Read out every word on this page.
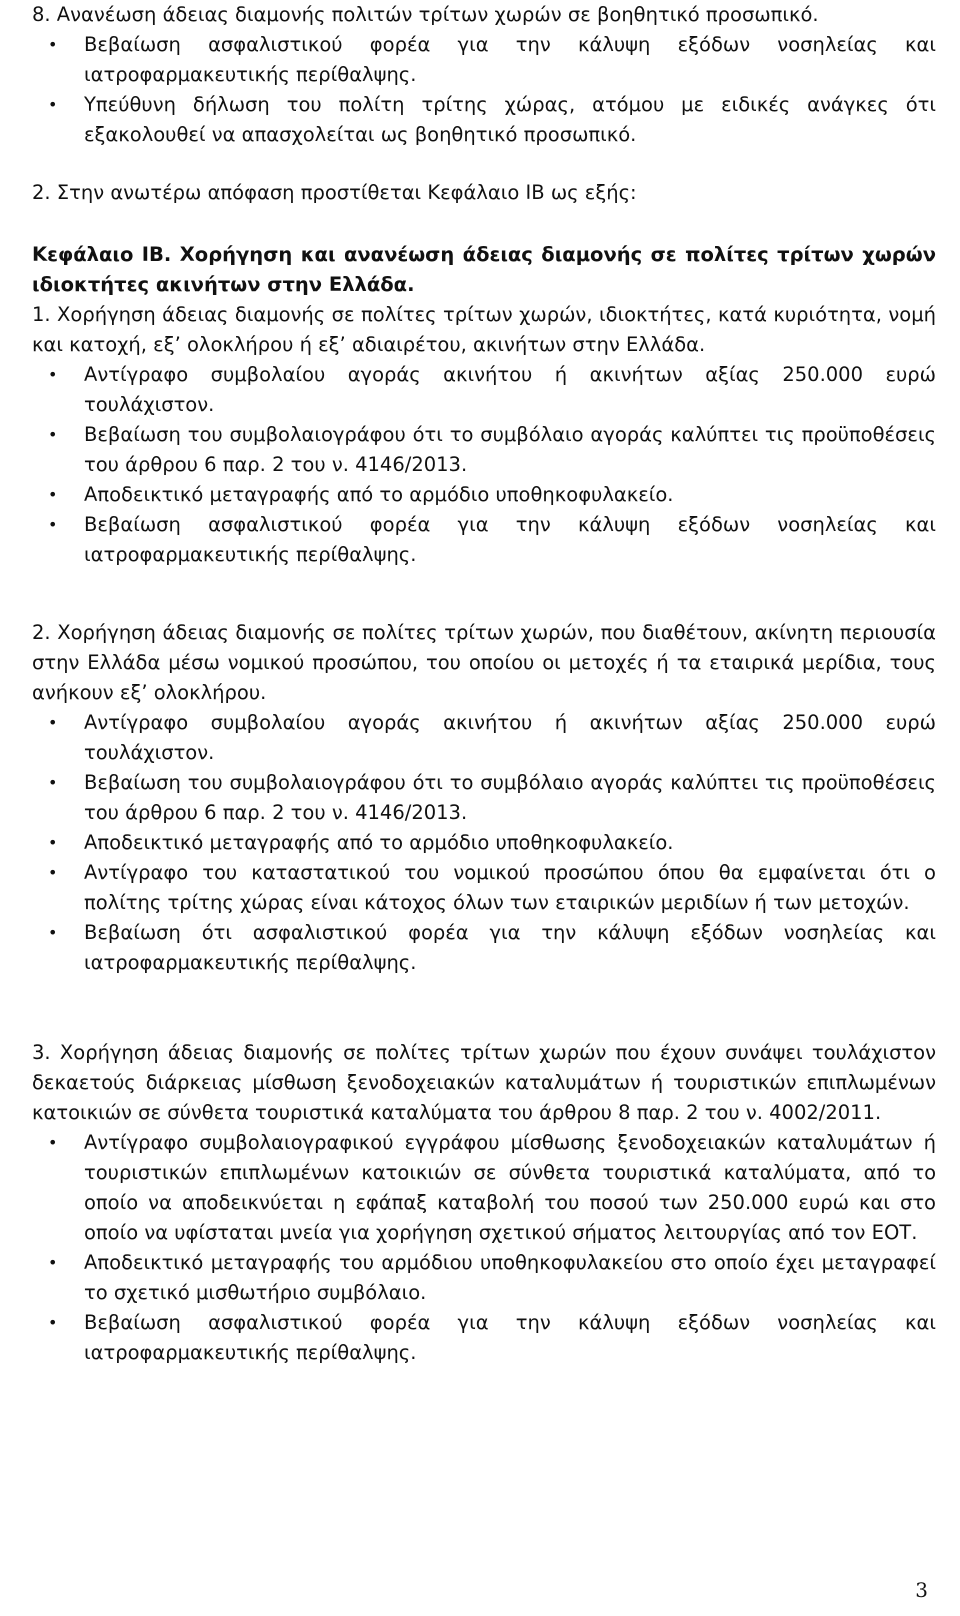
8. Ανανέωση άδειας διαμονής πολιτών τρίτων χωρών σε βοηθητικό προσωπικό.

• Βεβαίωση ασφαλιστικού φορέα για την κάλυψη εξόδων νοσηλείας και ιατροφαρμακευτικής περίθαλψης.
• Υπεύθυνη δήλωση του πολίτη τρίτης χώρας, ατόμου με ειδικές ανάγκες ότι εξακολουθεί να απασχολείται ως βοηθητικό προσωπικό.

2. Στην ανωτέρω απόφαση προστίθεται Κεφάλαιο ΙΒ ως εξής:

Κεφάλαιο ΙΒ. Χορήγηση και ανανέωση άδειας διαμονής σε πολίτες τρίτων χωρών ιδιοκτήτες ακινήτων στην Ελλάδα.

1. Χορήγηση άδειας διαμονής σε πολίτες τρίτων χωρών, ιδιοκτήτες, κατά κυριότητα, νομή και κατοχή, εξ’ ολοκλήρου ή εξ’ αδιαιρέτου, ακινήτων στην Ελλάδα.

• Αντίγραφο συμβολαίου αγοράς ακινήτου ή ακινήτων αξίας 250.000 ευρώ τουλάχιστον.
• Βεβαίωση του συμβολαιογράφου ότι το συμβόλαιο αγοράς καλύπτει τις προϋποθέσεις του άρθρου 6 παρ. 2 του ν. 4146/2013.
• Αποδεικτικό μεταγραφής από το αρμόδιο υποθηκοφυλακείο.
• Βεβαίωση ασφαλιστικού φορέα για την κάλυψη εξόδων νοσηλείας και ιατροφαρμακευτικής περίθαλψης.

2. Χορήγηση άδειας διαμονής σε πολίτες τρίτων χωρών, που διαθέτουν, ακίνητη περιουσία στην Ελλάδα μέσω νομικού προσώπου, του οποίου οι μετοχές ή τα εταιρικά μερίδια, τους ανήκουν εξ’ ολοκλήρου.

• Αντίγραφο συμβολαίου αγοράς ακινήτου ή ακινήτων αξίας 250.000 ευρώ τουλάχιστον.
• Βεβαίωση του συμβολαιογράφου ότι το συμβόλαιο αγοράς καλύπτει τις προϋποθέσεις του άρθρου 6 παρ. 2 του ν. 4146/2013.
• Αποδεικτικό μεταγραφής από το αρμόδιο υποθηκοφυλακείο.
• Αντίγραφο του καταστατικού του νομικού προσώπου όπου θα εμφαίνεται ότι ο πολίτης τρίτης χώρας είναι κάτοχος όλων των εταιρικών μεριδίων ή των μετοχών.
• Βεβαίωση ότι ασφαλιστικού φορέα για την κάλυψη εξόδων νοσηλείας και ιατροφαρμακευτικής περίθαλψης.

3. Χορήγηση άδειας διαμονής σε πολίτες τρίτων χωρών που έχουν συνάψει τουλάχιστον δεκαετούς διάρκειας μίσθωση ξενοδοχειακών καταλυμάτων ή τουριστικών επιπλωμένων κατοικιών σε σύνθετα τουριστικά καταλύματα του άρθρου 8 παρ. 2 του ν. 4002/2011.

• Αντίγραφο συμβολαιογραφικού εγγράφου μίσθωσης ξενοδοχειακών καταλυμάτων ή τουριστικών επιπλωμένων κατοικιών σε σύνθετα τουριστικά καταλύματα, από το οποίο να αποδεικνύεται η εφάπαξ καταβολή του ποσού των 250.000 ευρώ και στο οποίο να υφίσταται μνεία για χορήγηση σχετικού σήματος λειτουργίας από τον ΕΟΤ.
• Αποδεικτικό μεταγραφής του αρμόδιου υποθηκοφυλακείου στο οποίο έχει μεταγραφεί το σχετικό μισθωτήριο συμβόλαιο.
• Βεβαίωση ασφαλιστικού φορέα για την κάλυψη εξόδων νοσηλείας και ιατροφαρμακευτικής περίθαλψης.
3
